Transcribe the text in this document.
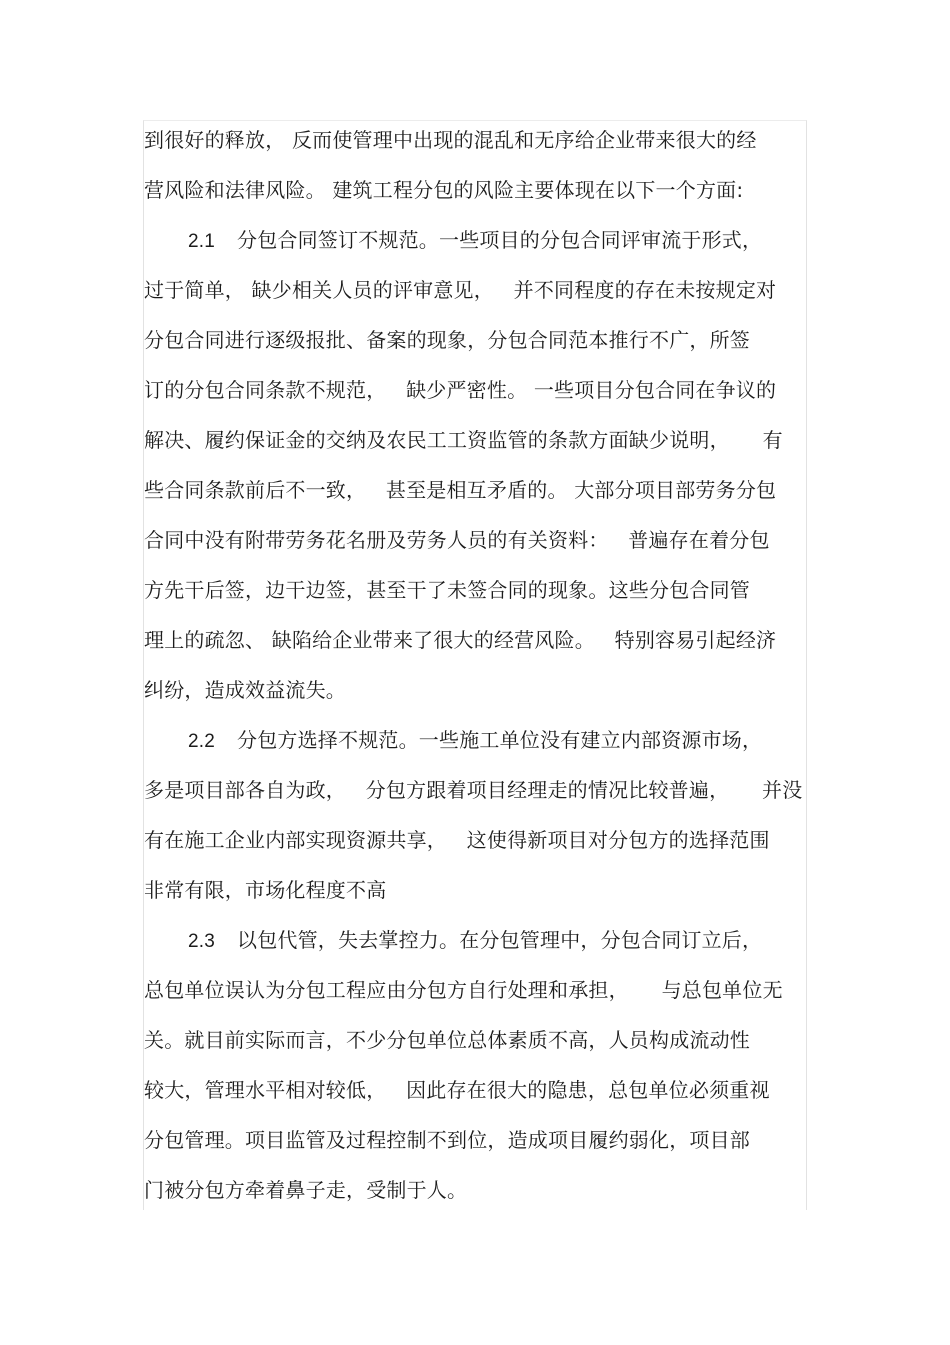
到很好的释放， 反而使管理中出现的混乱和无序给企业带来很大的经
营风险和法律风险。 建筑工程分包的风险主要体现在以下一个方面:
2.1 分包合同签订不规范。一些项目的分包合同评审流于形式，
过于简单， 缺少相关人员的评审意见，   并不同程度的存在未按规定对
分包合同进行逐级报批、备案的现象，分包合同范本推行不广，所签
订的分包合同条款不规范，   缺少严密性。 一些项目分包合同在争议的
解决、履约保证金的交纳及农民工工资监管的条款方面缺少说明，     有
些合同条款前后不一致，   甚至是相互矛盾的。 大部分项目部劳务分包
合同中没有附带劳务花名册及劳务人员的有关资料：   普遍存在着分包
方先干后签，边干边签，甚至干了未签合同的现象。这些分包合同管
理上的疏忽、 缺陷给企业带来了很大的经营风险。   特别容易引起经济
纠纷，造成效益流失。
2.2 分包方选择不规范。一些施工单位没有建立内部资源市场，
多是项目部各自为政，   分包方跟着项目经理走的情况比较普遍，     并没
有在施工企业内部实现资源共享，   这使得新项目对分包方的选择范围
非常有限，市场化程度不高
2.3 以包代管，失去掌控力。在分包管理中，分包合同订立后，
总包单位误认为分包工程应由分包方自行处理和承担，     与总包单位无
关。就目前实际而言，不少分包单位总体素质不高，人员构成流动性
较大，管理水平相对较低，   因此存在很大的隐患，总包单位必须重视
分包管理。项目监管及过程控制不到位，造成项目履约弱化，项目部
门被分包方牵着鼻子走，受制于人。
